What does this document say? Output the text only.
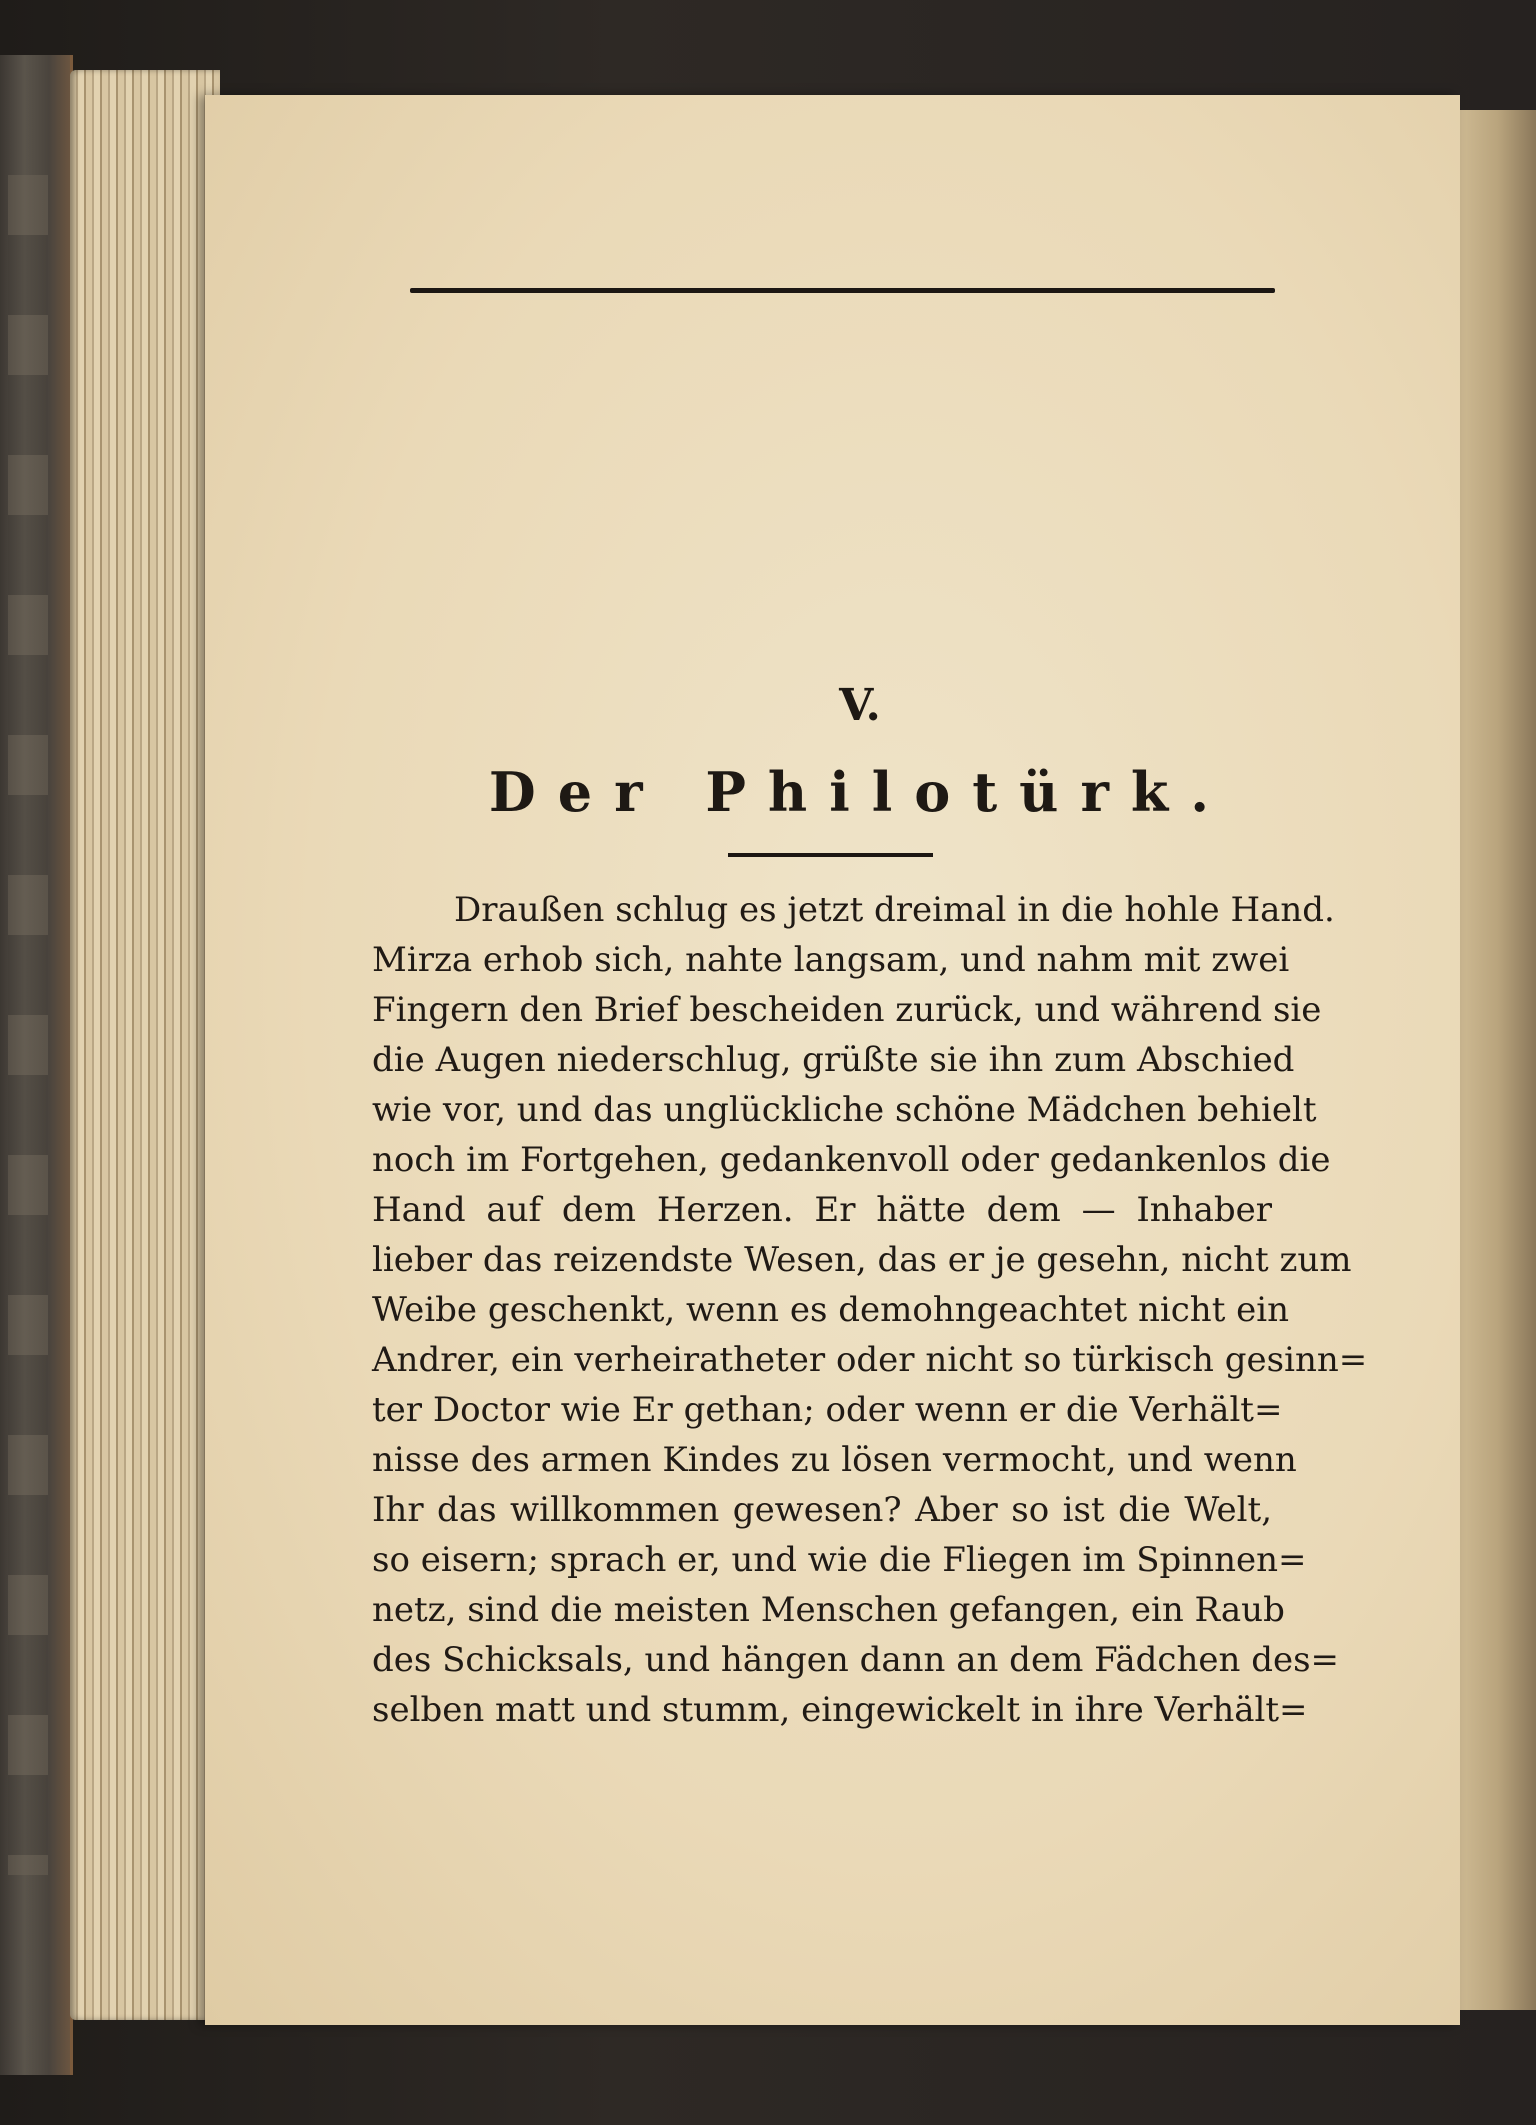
V.
Der Philotürk.
Draußen schlug es jetzt dreimal in die hohle Hand.
Mirza erhob sich, nahte langsam, und nahm mit zwei
Fingern den Brief bescheiden zurück, und während sie
die Augen niederschlug, grüßte sie ihn zum Abschied
wie vor, und das unglückliche schöne Mädchen behielt
noch im Fortgehen, gedankenvoll oder gedankenlos die
Hand auf dem Herzen. Er hätte dem — Inhaber
lieber das reizendste Wesen, das er je gesehn, nicht zum
Weibe geschenkt, wenn es demohngeachtet nicht ein
Andrer, ein verheiratheter oder nicht so türkisch gesinn=
ter Doctor wie Er gethan; oder wenn er die Verhält=
nisse des armen Kindes zu lösen vermocht, und wenn
Ihr das willkommen gewesen? Aber so ist die Welt,
so eisern; sprach er, und wie die Fliegen im Spinnen=
netz, sind die meisten Menschen gefangen, ein Raub
des Schicksals, und hängen dann an dem Fädchen des=
selben matt und stumm, eingewickelt in ihre Verhält=
